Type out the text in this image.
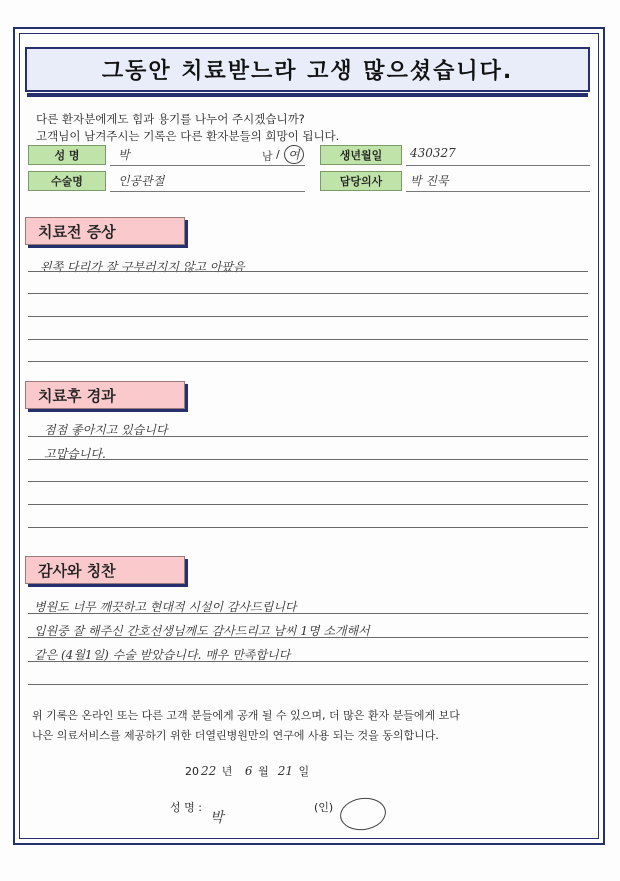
그동안 치료받느라 고생 많으셨습니다.
다른 환자분에게도 힘과 용기를 나누어 주시겠습니까?
고객님이 남겨주시는 기록은 다른 환자분들의 희망이 됩니다.
성 명	박	남 / 여	생년월일	430327
수술명	인공관절	담당의사	박 진묵
치료전 증상
왼쪽 다리가 잘 구부러지지 않고 아팠음
치료후 경과
점점 좋아지고 있습니다
고맙습니다.
감사와 칭찬
병원도 너무 깨끗하고 현대적 시설이 감사드립니다
입원중 잘 해주신 간호선생님께도 감사드리고 남씨 1명 소개해서
같은 (4월1일) 수술 받았습니다. 매우 만족합니다
위 기록은 온라인 또는 다른 고객 분들에게 공개 될 수 있으며, 더 많은 환자 분들에게 보다
나은 의료서비스를 제공하기 위한 더열린병원만의 연구에 사용 되는 것을 동의합니다.
20 22 년 6 월 21 일
성 명 :
박
(인)
